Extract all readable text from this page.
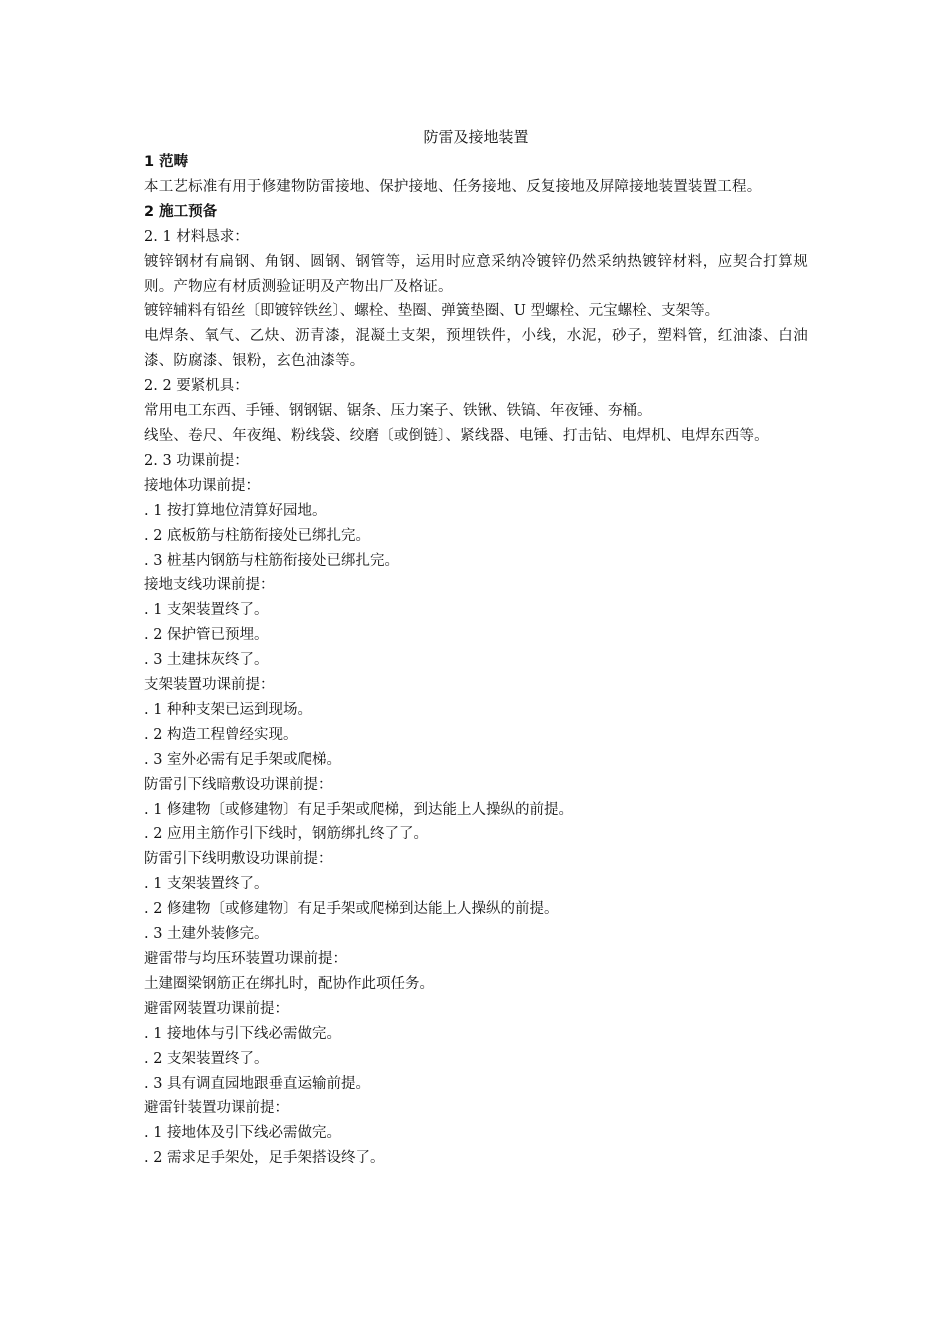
防雷及接地装置

1 范畴

本工艺标准有用于修建物防雷接地、保护接地、任务接地、反复接地及屏障接地装置装置工程。

2 施工预备

2. 1 材料恳求：

镀锌钢材有扁钢、角钢、圆钢、钢管等，运用时应意采纳冷镀锌仍然采纳热镀锌材料，应契合打算规则。产物应有材质测验证明及产物出厂及格证。

镀锌辅料有铅丝〔即镀锌铁丝〕、螺栓、垫圈、弹簧垫圈、U 型螺栓、元宝螺栓、支架等。

电焊条、氧气、乙炔、沥青漆，混凝土支架，预埋铁件，小线，水泥，砂子，塑料管，红油漆、白油漆、防腐漆、银粉，玄色油漆等。

2. 2 要紧机具：

常用电工东西、手锤、钢钢锯、锯条、压力案子、铁锹、铁镐、年夜锤、夯桶。

线坠、卷尺、年夜绳、粉线袋、绞磨〔或倒链〕、紧线器、电锤、打击钻、电焊机、电焊东西等。

2. 3 功课前提：

接地体功课前提：

. 1 按打算地位清算好园地。

. 2 底板筋与柱筋衔接处已绑扎完。

. 3 桩基内钢筋与柱筋衔接处已绑扎完。

接地支线功课前提：

. 1 支架装置终了。

. 2 保护管已预埋。

. 3 土建抹灰终了。

支架装置功课前提：

. 1 种种支架已运到现场。

. 2 构造工程曾经实现。

. 3 室外必需有足手架或爬梯。

防雷引下线暗敷设功课前提：

. 1 修建物〔或修建物〕有足手架或爬梯，到达能上人操纵的前提。

. 2 应用主筋作引下线时，钢筋绑扎终了了。

防雷引下线明敷设功课前提：

. 1 支架装置终了。

. 2 修建物〔或修建物〕有足手架或爬梯到达能上人操纵的前提。

. 3 土建外装修完。

避雷带与均压环装置功课前提：

土建圈梁钢筋正在绑扎时，配协作此项任务。

避雷网装置功课前提：

. 1 接地体与引下线必需做完。

. 2 支架装置终了。

. 3 具有调直园地跟垂直运输前提。

避雷针装置功课前提：

. 1 接地体及引下线必需做完。

. 2 需求足手架处，足手架搭设终了。
